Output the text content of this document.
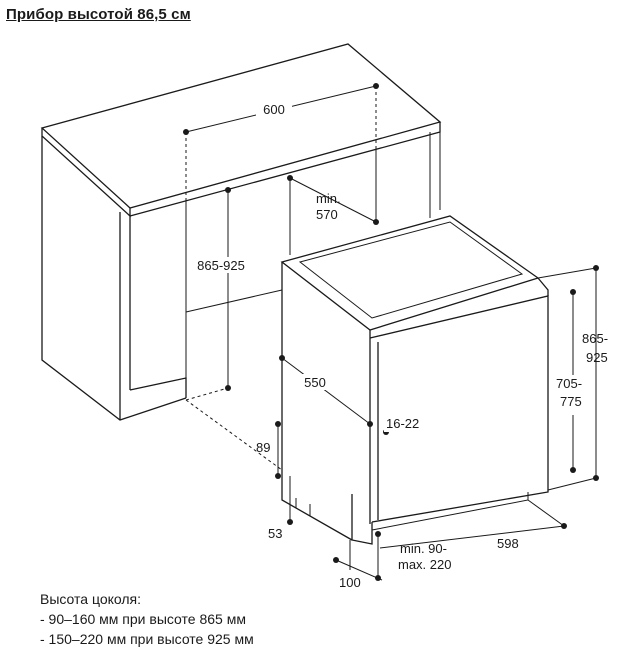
Прибор высотой 86,5 см
600
min.
570
865-925
550
16-22
89
53
865-
925
705-
775
598
min. 90-
max. 220
100
Высота цоколя:
- 90–160 мм при высоте 865 мм
- 150–220 мм при высоте 925 мм
